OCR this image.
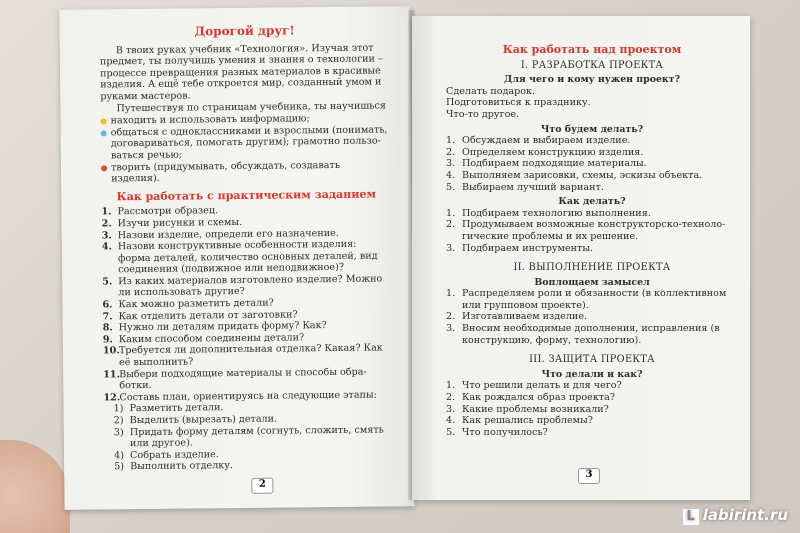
Дорогой друг!

В твоих руках учебник «Технология». Изучая этот предмет, ты получишь умения и знания о технологии – процессе превращения разных материалов в красивые изделия. А ещё тебе откроется мир, созданный умом и руками мастеров.

Путешествуя по страницам учебника, ты научишься

находить и использовать информацию;
общаться с одноклассниками и взрослыми (понимать, договариваться, помогать другим); грамотно пользоваться речью;
творить (придумывать, обсуждать, создавать изделия).
Как работать с практическим заданием
1. Рассмотри образец.
2. Изучи рисунки и схемы.
3. Назови изделие, определи его назначение.
4. Назови конструктивные особенности изделия: форма деталей, количество основных деталей, вид соединения (подвижное или неподвижное)?
5. Из каких материалов изготовлено изделие? Можно ли использовать другие?
6. Как можно разметить детали?
7. Как отделить детали от заготовки?
8. Нужно ли деталям придать форму? Как?
9. Каким способом соединены детали?
10. Требуется ли дополнительная отделка? Какая? Как её выполнить?
11. Выбери подходящие материалы и способы обработки.
12. Составь план, ориентируясь на следующие этапы:
1) Разметить детали.
2) Выделить (вырезать) детали.
3) Придать форму деталям (согнуть, сложить, смять или другое).
4) Собрать изделие.
5) Выполнить отделку.
2
Как работать над проектом
I. РАЗРАБОТКА ПРОЕКТА
Для чего и кому нужен проект?
Сделать подарок.
Подготовиться к празднику.
Что-то другое.
Что будем делать?
1. Обсуждаем и выбираем изделие.
2. Определяем конструкцию изделия.
3. Подбираем подходящие материалы.
4. Выполняем зарисовки, схемы, эскизы объекта.
5. Выбираем лучший вариант.
Как делать?
1. Подбираем технологию выполнения.
2. Продумываем возможные конструкторско-технологические проблемы и их решение.
3. Подбираем инструменты.
II. ВЫПОЛНЕНИЕ ПРОЕКТА
Воплощаем замысел
1. Распределяем роли и обязанности (в коллективном или групповом проекте).
2. Изготавливаем изделие.
3. Вносим необходимые дополнения, исправления (в конструкцию, форму, технологию).
III. ЗАЩИТА ПРОЕКТА
Что делали и как?
1. Что решили делать и для чего?
2. Как рождался образ проекта?
3. Какие проблемы возникали?
4. Как решались проблемы?
5. Что получилось?
3
L labirint.ru
